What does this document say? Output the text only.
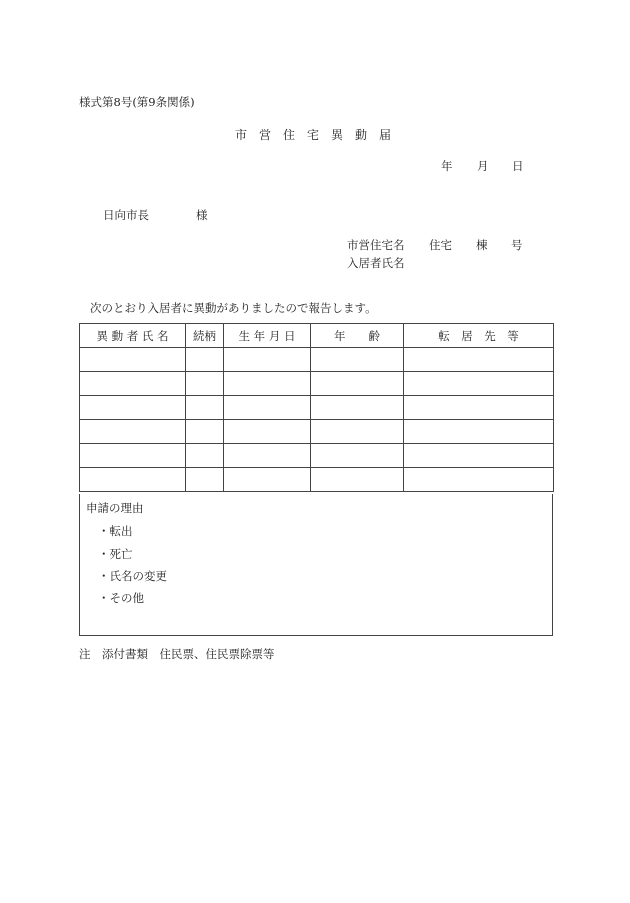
様式第8号(第9条関係)
市営住宅異動届
年 月 日
日向市長	様
市営住宅名 住宅 棟 号
入居者氏名
次のとおり入居者に異動がありましたので報告します。
異 動 者 氏 名	続柄	生 年 月 日	年　　齢	転　居　先　等

申請の理由
・転出
・死亡
・氏名の変更
・その他
注　添付書類　住民票、住民票除票等
